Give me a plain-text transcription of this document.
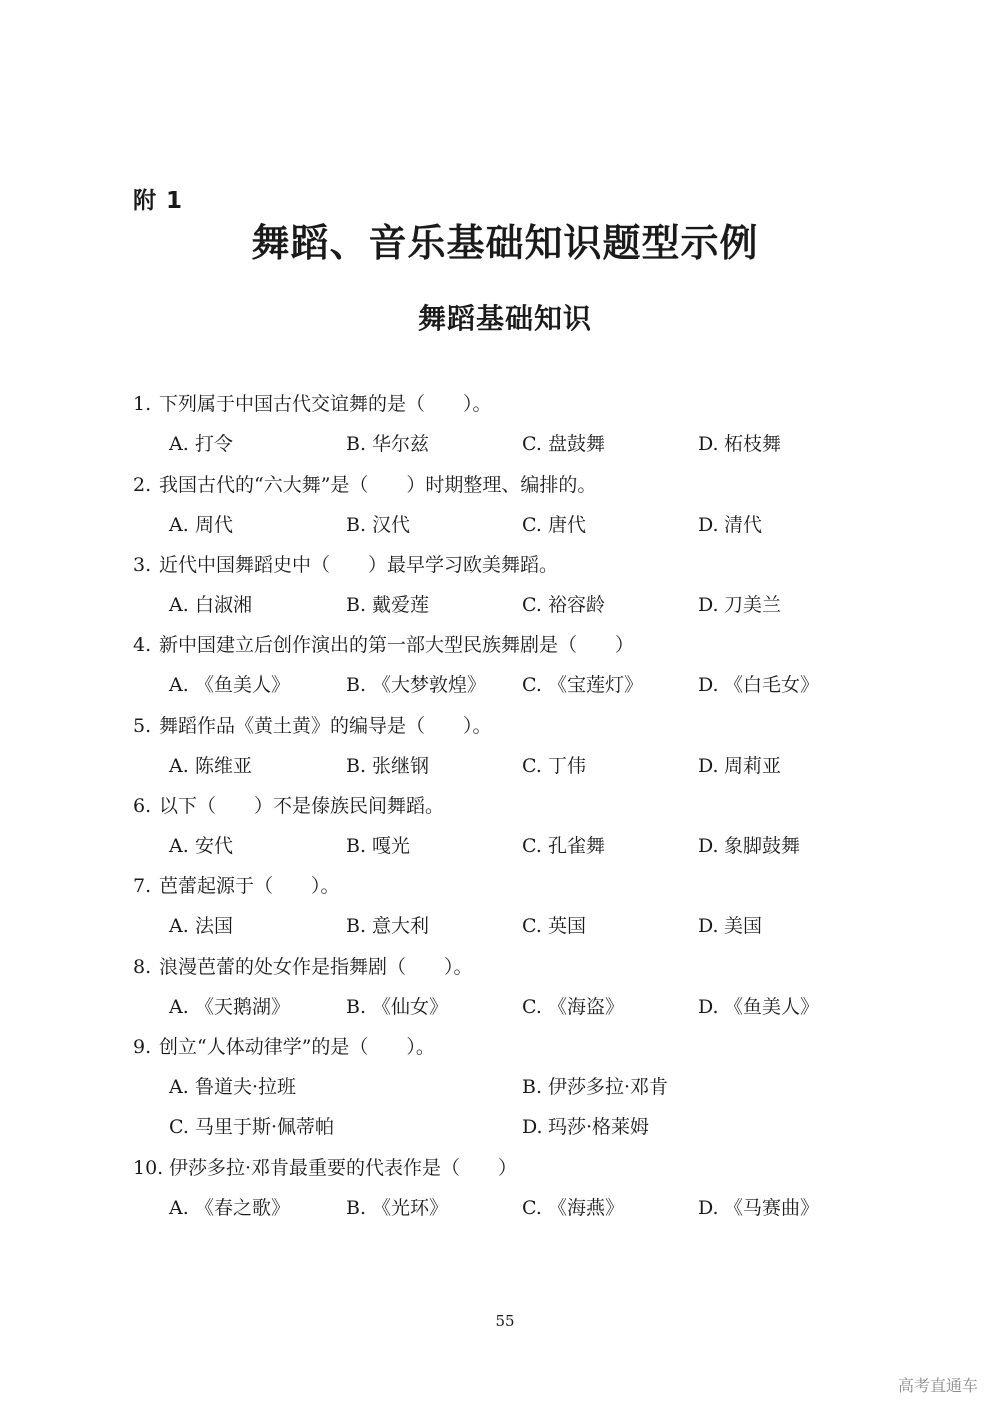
附 1
舞蹈、音乐基础知识题型示例
舞蹈基础知识
1. 下列属于中国古代交谊舞的是（　　）。
A. 打令	B. 华尔兹	C. 盘鼓舞	D. 柘枝舞
2. 我国古代的“六大舞”是（　　）时期整理、编排的。
A. 周代	B. 汉代	C. 唐代	D. 清代
3. 近代中国舞蹈史中（　　）最早学习欧美舞蹈。
A. 白淑湘	B. 戴爱莲	C. 裕容龄	D. 刀美兰
4. 新中国建立后创作演出的第一部大型民族舞剧是（　　）
A. 《鱼美人》	B. 《大梦敦煌》 C. 《宝莲灯》	D. 《白毛女》
5. 舞蹈作品《黄土黄》的编导是（　　）。
A. 陈维亚	B. 张继钢	C. 丁伟	D. 周莉亚
6. 以下（　　）不是傣族民间舞蹈。
A. 安代	B. 嘎光	C. 孔雀舞	D. 象脚鼓舞
7. 芭蕾起源于（　　）。
A. 法国	B. 意大利	C. 英国	D. 美国
8. 浪漫芭蕾的处女作是指舞剧（　　）。
A. 《天鹅湖》	B. 《仙女》	C. 《海盗》	D. 《鱼美人》
9. 创立“人体动律学”的是（　　）。
A. 鲁道夫·拉班	B. 伊莎多拉·邓肯
C. 马里于斯·佩蒂帕	D. 玛莎·格莱姆
10. 伊莎多拉·邓肯最重要的代表作是（　　）
A. 《春之歌》	B. 《光环》	C. 《海燕》	D. 《马赛曲》
55
高考直通车
